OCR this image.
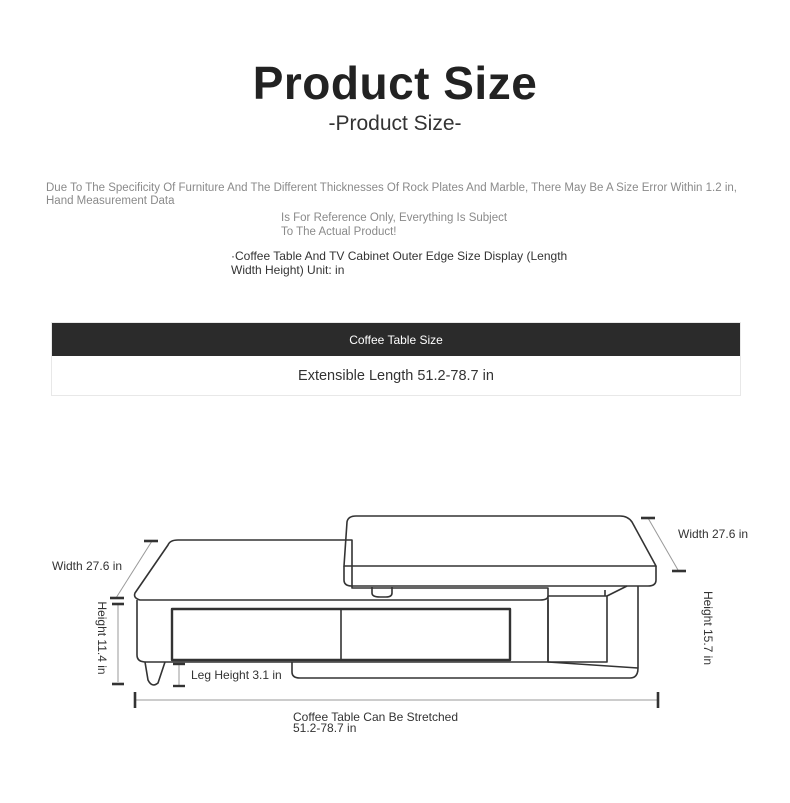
Product Size
-Product Size-
Due To The Specificity Of Furniture And The Different Thicknesses Of Rock Plates And Marble, There May Be A Size Error Within 1.2 in, Hand Measurement Data
Is For Reference Only, Everything Is Subject To The Actual Product!
·Coffee Table And TV Cabinet Outer Edge Size Display (Length Width Height) Unit: in
Coffee Table Size
Extensible Length 51.2-78.7 in
Width 27.6 in
Width 27.6 in
Height 11.4 in	Height 15.7 in
Leg Height 3.1 in
Coffee Table Can Be Stretched
51.2-78.7 in
